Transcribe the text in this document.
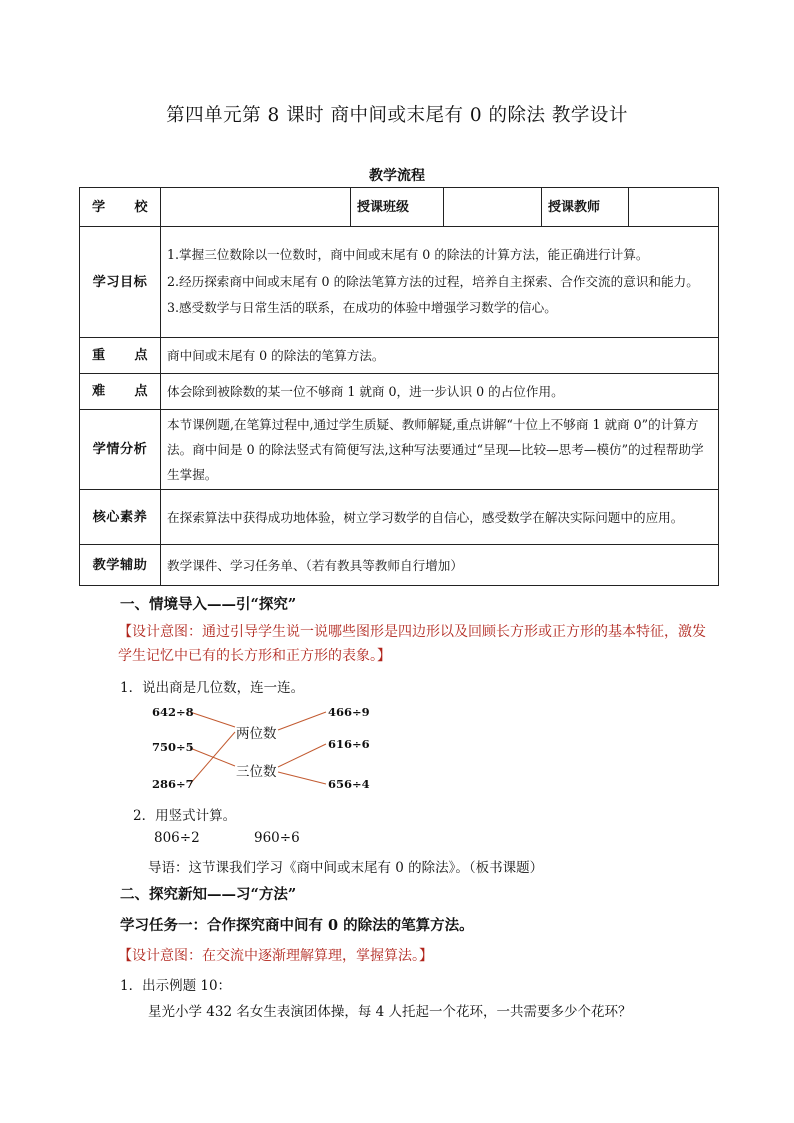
第四单元第 8 课时 商中间或末尾有 0 的除法 教学设计
教学流程
学 校		授课班级		授课教师	
学习目标	1.掌握三位数除以一位数时，商中间或末尾有 0 的除法的计算方法，能正确进行计算。
2.经历探索商中间或末尾有 0 的除法笔算方法的过程，培养自主探索、合作交流的意识和能力。
3.感受数学与日常生活的联系，在成功的体验中增强学习数学的信心。				

重 点	商中间或末尾有 0 的除法的笔算方法。				

难 点	体会除到被除数的某一位不够商 1 就商 0，进一步认识 0 的占位作用。				
学情分析	本节课例题,在笔算过程中,通过学生质疑、教师解疑,重点讲解“十位上不够商 1 就商 0”的计算方法。商中间是 0 的除法竖式有简便写法,这种写法要通过“呈现—比较—思考—模仿”的过程帮助学生掌握。				
核心素养	在探索算法中获得成功地体验，树立学习数学的自信心，感受数学在解决实际问题中的应用。				
教学辅助	教学课件、学习任务单、（若有教具等教师自行增加）				
一、情境导入——引“探究”
【设计意图：通过引导学生说一说哪些图形是四边形以及回顾长方形或正方形的基本特征，激发学生记忆中已有的长方形和正方形的表象。】
1．说出商是几位数，连一连。
642÷8
750÷5
286÷7
两位数
三位数
466÷9
616÷6
656÷4
2．用竖式计算。
806÷2	960÷6
导语：这节课我们学习《商中间或末尾有 0 的除法》。（板书课题）
二、探究新知——习“方法”
学习任务一：合作探究商中间有 0 的除法的笔算方法。
【设计意图：在交流中逐渐理解算理，掌握算法。】
1．出示例题 10：
星光小学 432 名女生表演团体操，每 4 人托起一个花环，一共需要多少个花环？
